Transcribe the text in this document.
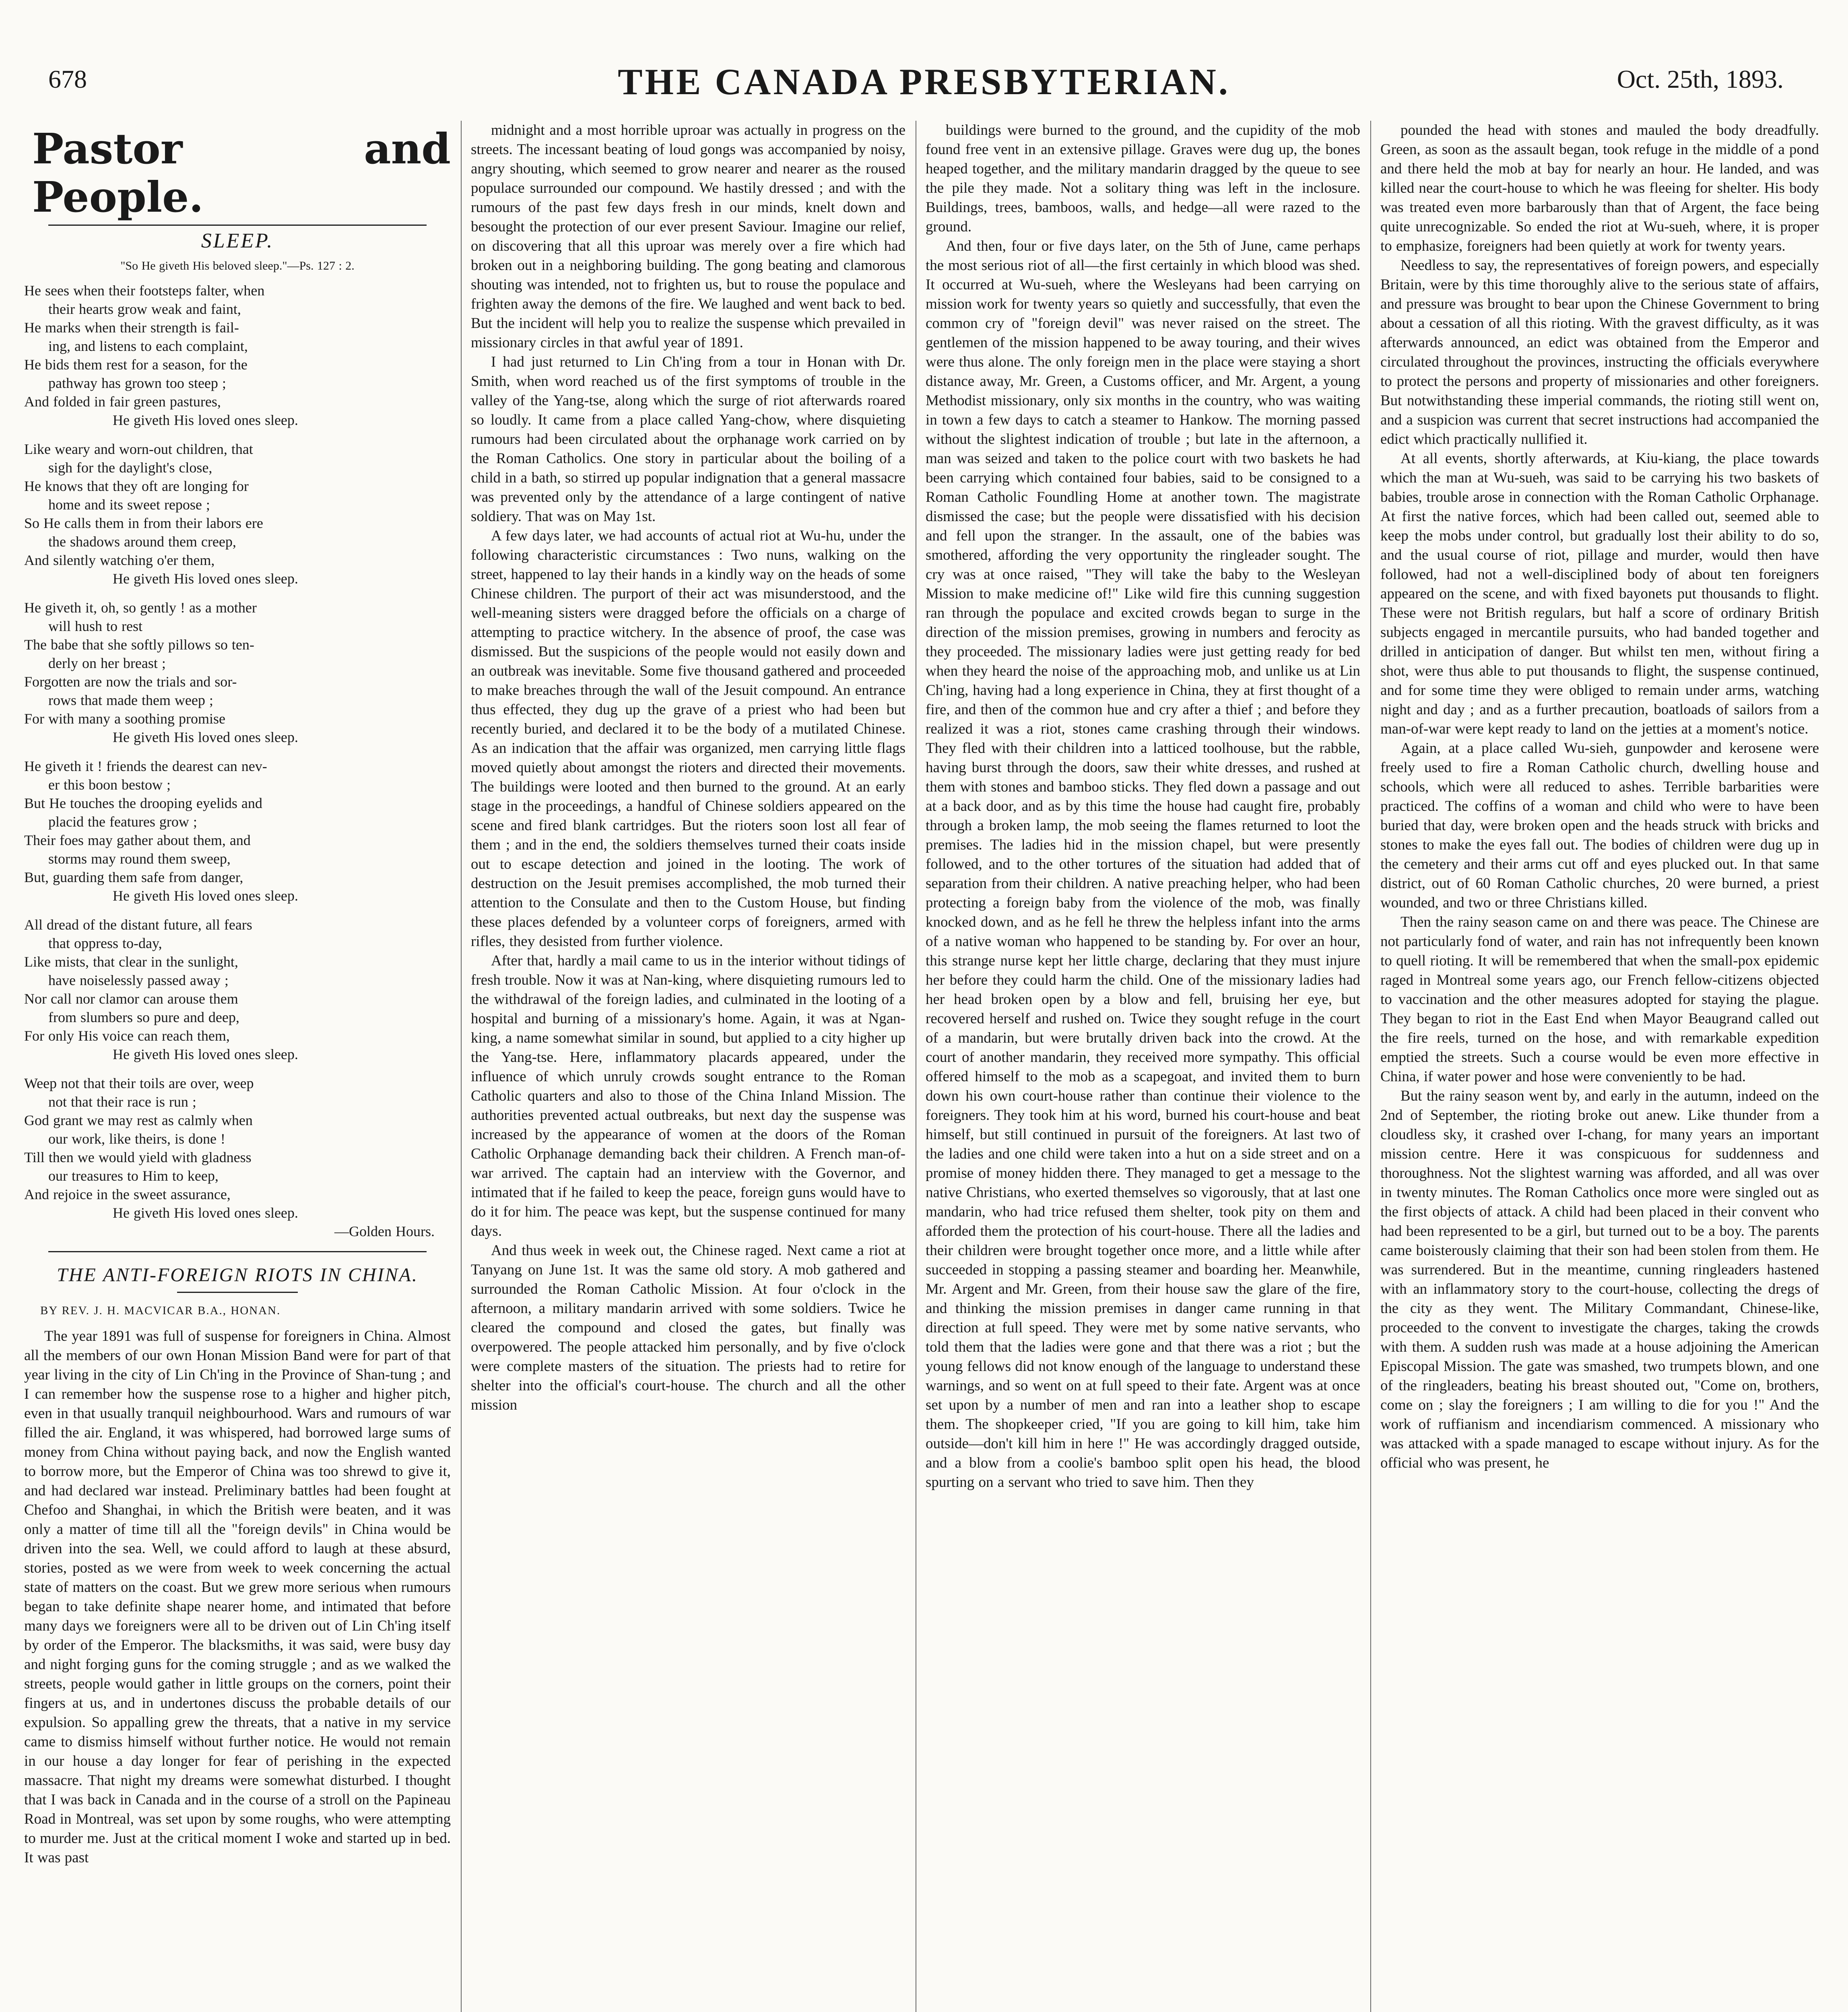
678	THE CANADA PRESBYTERIAN.	Oct. 25th, 1893.
Pastor and People.
SLEEP.
"So He giveth His beloved sleep."—Ps. 127 : 2.
He sees when their footsteps falter, when
their hearts grow weak and faint,
He marks when their strength is fail-
ing, and listens to each complaint,
He bids them rest for a season, for the
pathway has grown too steep ;
And folded in fair green pastures,
He giveth His loved ones sleep.
Like weary and worn-out children, that
sigh for the daylight's close,
He knows that they oft are longing for
home and its sweet repose ;
So He calls them in from their labors ere
the shadows around them creep,
And silently watching o'er them,
He giveth His loved ones sleep.
He giveth it, oh, so gently ! as a mother
will hush to rest
The babe that she softly pillows so ten-
derly on her breast ;
Forgotten are now the trials and sor-
rows that made them weep ;
For with many a soothing promise
He giveth His loved ones sleep.
He giveth it ! friends the dearest can nev-
er this boon bestow ;
But He touches the drooping eyelids and
placid the features grow ;
Their foes may gather about them, and
storms may round them sweep,
But, guarding them safe from danger,
He giveth His loved ones sleep.
All dread of the distant future, all fears
that oppress to-day,
Like mists, that clear in the sunlight,
have noiselessly passed away ;
Nor call nor clamor can arouse them
from slumbers so pure and deep,
For only His voice can reach them,
He giveth His loved ones sleep.
Weep not that their toils are over, weep
not that their race is run ;
God grant we may rest as calmly when
our work, like theirs, is done !
Till then we would yield with gladness
our treasures to Him to keep,
And rejoice in the sweet assurance,
He giveth His loved ones sleep.
—Golden Hours.
THE ANTI-FOREIGN RIOTS IN CHINA.
BY REV. J. H. MACVICAR B.A., HONAN.

The year 1891 was full of suspense for foreigners in China. Almost all the members of our own Honan Mission Band were for part of that year living in the city of Lin Ch'ing in the Province of Shan-tung ; and I can remember how the suspense rose to a higher and higher pitch, even in that usually tranquil neighbourhood. Wars and rumours of war filled the air. England, it was whispered, had borrowed large sums of money from China without paying back, and now the English wanted to borrow more, but the Emperor of China was too shrewd to give it, and had declared war instead. Preliminary battles had been fought at Chefoo and Shanghai, in which the British were beaten, and it was only a matter of time till all the "foreign devils" in China would be driven into the sea. Well, we could afford to laugh at these absurd, stories, posted as we were from week to week concerning the actual state of matters on the coast. But we grew more serious when rumours began to take definite shape nearer home, and intimated that before many days we foreigners were all to be driven out of Lin Ch'ing itself by order of the Emperor. The blacksmiths, it was said, were busy day and night forging guns for the coming struggle ; and as we walked the streets, people would gather in little groups on the corners, point their fingers at us, and in undertones discuss the probable details of our expulsion. So appalling grew the threats, that a native in my service came to dismiss himself without further notice. He would not remain in our house a day longer for fear of perishing in the expected massacre. That night my dreams were somewhat disturbed. I thought that I was back in Canada and in the course of a stroll on the Papineau Road in Montreal, was set upon by some roughs, who were attempting to murder me. Just at the critical moment I woke and started up in bed. It was past

midnight and a most horrible uproar was actually in progress on the streets. The incessant beating of loud gongs was accompanied by noisy, angry shouting, which seemed to grow nearer and nearer as the roused populace surrounded our compound. We hastily dressed ; and with the rumours of the past few days fresh in our minds, knelt down and besought the protection of our ever present Saviour. Imagine our relief, on discovering that all this uproar was merely over a fire which had broken out in a neighboring building. The gong beating and clamorous shouting was intended, not to frighten us, but to rouse the populace and frighten away the demons of the fire. We laughed and went back to bed. But the incident will help you to realize the suspense which prevailed in missionary circles in that awful year of 1891.

I had just returned to Lin Ch'ing from a tour in Honan with Dr. Smith, when word reached us of the first symptoms of trouble in the valley of the Yang-tse, along which the surge of riot afterwards roared so loudly. It came from a place called Yang-chow, where disquieting rumours had been circulated about the orphanage work carried on by the Roman Catholics. One story in particular about the boiling of a child in a bath, so stirred up popular indignation that a general massacre was prevented only by the attendance of a large contingent of native soldiery. That was on May 1st.

A few days later, we had accounts of actual riot at Wu-hu, under the following characteristic circumstances : Two nuns, walking on the street, happened to lay their hands in a kindly way on the heads of some Chinese children. The purport of their act was misunderstood, and the well-meaning sisters were dragged before the officials on a charge of attempting to practice witchery. In the absence of proof, the case was dismissed. But the suspicions of the people would not easily down and an outbreak was inevitable. Some five thousand gathered and proceeded to make breaches through the wall of the Jesuit compound. An entrance thus effected, they dug up the grave of a priest who had been but recently buried, and declared it to be the body of a mutilated Chinese. As an indication that the affair was organized, men carrying little flags moved quietly about amongst the rioters and directed their movements. The buildings were looted and then burned to the ground. At an early stage in the proceedings, a handful of Chinese soldiers appeared on the scene and fired blank cartridges. But the rioters soon lost all fear of them ; and in the end, the soldiers themselves turned their coats inside out to escape detection and joined in the looting. The work of destruction on the Jesuit premises accomplished, the mob turned their attention to the Consulate and then to the Custom House, but finding these places defended by a volunteer corps of foreigners, armed with rifles, they desisted from further violence.

After that, hardly a mail came to us in the interior without tidings of fresh trouble. Now it was at Nan-king, where disquieting rumours led to the withdrawal of the foreign ladies, and culminated in the looting of a hospital and burning of a missionary's home. Again, it was at Ngan-king, a name somewhat similar in sound, but applied to a city higher up the Yang-tse. Here, inflammatory placards appeared, under the influence of which unruly crowds sought entrance to the Roman Catholic quarters and also to those of the China Inland Mission. The authorities prevented actual outbreaks, but next day the suspense was increased by the appearance of women at the doors of the Roman Catholic Orphanage demanding back their children. A French man-of-war arrived. The captain had an interview with the Governor, and intimated that if he failed to keep the peace, foreign guns would have to do it for him. The peace was kept, but the suspense continued for many days.

And thus week in week out, the Chinese raged. Next came a riot at Tanyang on June 1st. It was the same old story. A mob gathered and surrounded the Roman Catholic Mission. At four o'clock in the afternoon, a military mandarin arrived with some soldiers. Twice he cleared the compound and closed the gates, but finally was overpowered. The people attacked him personally, and by five o'clock were complete masters of the situation. The priests had to retire for shelter into the official's court-house. The church and all the other mission

buildings were burned to the ground, and the cupidity of the mob found free vent in an extensive pillage. Graves were dug up, the bones heaped together, and the military mandarin dragged by the queue to see the pile they made. Not a solitary thing was left in the inclosure. Buildings, trees, bamboos, walls, and hedge—all were razed to the ground.

And then, four or five days later, on the 5th of June, came perhaps the most serious riot of all—the first certainly in which blood was shed. It occurred at Wu-sueh, where the Wesleyans had been carrying on mission work for twenty years so quietly and successfully, that even the common cry of "foreign devil" was never raised on the street. The gentlemen of the mission happened to be away touring, and their wives were thus alone. The only foreign men in the place were staying a short distance away, Mr. Green, a Customs officer, and Mr. Argent, a young Methodist missionary, only six months in the country, who was waiting in town a few days to catch a steamer to Hankow. The morning passed without the slightest indication of trouble ; but late in the afternoon, a man was seized and taken to the police court with two baskets he had been carrying which contained four babies, said to be consigned to a Roman Catholic Foundling Home at another town. The magistrate dismissed the case; but the people were dissatisfied with his decision and fell upon the stranger. In the assault, one of the babies was smothered, affording the very opportunity the ringleader sought. The cry was at once raised, "They will take the baby to the Wesleyan Mission to make medicine of!" Like wild fire this cunning suggestion ran through the populace and excited crowds began to surge in the direction of the mission premises, growing in numbers and ferocity as they proceeded. The missionary ladies were just getting ready for bed when they heard the noise of the approaching mob, and unlike us at Lin Ch'ing, having had a long experience in China, they at first thought of a fire, and then of the common hue and cry after a thief ; and before they realized it was a riot, stones came crashing through their windows. They fled with their children into a latticed toolhouse, but the rabble, having burst through the doors, saw their white dresses, and rushed at them with stones and bamboo sticks. They fled down a passage and out at a back door, and as by this time the house had caught fire, probably through a broken lamp, the mob seeing the flames returned to loot the premises. The ladies hid in the mission chapel, but were presently followed, and to the other tortures of the situation had added that of separation from their children. A native preaching helper, who had been protecting a foreign baby from the violence of the mob, was finally knocked down, and as he fell he threw the helpless infant into the arms of a native woman who happened to be standing by. For over an hour, this strange nurse kept her little charge, declaring that they must injure her before they could harm the child. One of the missionary ladies had her head broken open by a blow and fell, bruising her eye, but recovered herself and rushed on. Twice they sought refuge in the court of a mandarin, but were brutally driven back into the crowd. At the court of another mandarin, they received more sympathy. This official offered himself to the mob as a scapegoat, and invited them to burn down his own court-house rather than continue their violence to the foreigners. They took him at his word, burned his court-house and beat himself, but still continued in pursuit of the foreigners. At last two of the ladies and one child were taken into a hut on a side street and on a promise of money hidden there. They managed to get a message to the native Christians, who exerted themselves so vigorously, that at last one mandarin, who had trice refused them shelter, took pity on them and afforded them the protection of his court-house. There all the ladies and their children were brought together once more, and a little while after succeeded in stopping a passing steamer and boarding her. Meanwhile, Mr. Argent and Mr. Green, from their house saw the glare of the fire, and thinking the mission premises in danger came running in that direction at full speed. They were met by some native servants, who told them that the ladies were gone and that there was a riot ; but the young fellows did not know enough of the language to understand these warnings, and so went on at full speed to their fate. Argent was at once set upon by a number of men and ran into a leather shop to escape them. The shopkeeper cried, "If you are going to kill him, take him outside—don't kill him in here !" He was accordingly dragged outside, and a blow from a coolie's bamboo split open his head, the blood spurting on a servant who tried to save him. Then they

pounded the head with stones and mauled the body dreadfully. Green, as soon as the assault began, took refuge in the middle of a pond and there held the mob at bay for nearly an hour. He landed, and was killed near the court-house to which he was fleeing for shelter. His body was treated even more barbarously than that of Argent, the face being quite unrecognizable. So ended the riot at Wu-sueh, where, it is proper to emphasize, foreigners had been quietly at work for twenty years.

Needless to say, the representatives of foreign powers, and especially Britain, were by this time thoroughly alive to the serious state of affairs, and pressure was brought to bear upon the Chinese Government to bring about a cessation of all this rioting. With the gravest difficulty, as it was afterwards announced, an edict was obtained from the Emperor and circulated throughout the provinces, instructing the officials everywhere to protect the persons and property of missionaries and other foreigners. But notwithstanding these imperial commands, the rioting still went on, and a suspicion was current that secret instructions had accompanied the edict which practically nullified it.

At all events, shortly afterwards, at Kiu-kiang, the place towards which the man at Wu-sueh, was said to be carrying his two baskets of babies, trouble arose in connection with the Roman Catholic Orphanage. At first the native forces, which had been called out, seemed able to keep the mobs under control, but gradually lost their ability to do so, and the usual course of riot, pillage and murder, would then have followed, had not a well-disciplined body of about ten foreigners appeared on the scene, and with fixed bayonets put thousands to flight. These were not British regulars, but half a score of ordinary British subjects engaged in mercantile pursuits, who had banded together and drilled in anticipation of danger. But whilst ten men, without firing a shot, were thus able to put thousands to flight, the suspense continued, and for some time they were obliged to remain under arms, watching night and day ; and as a further precaution, boatloads of sailors from a man-of-war were kept ready to land on the jetties at a moment's notice.

Again, at a place called Wu-sieh, gunpowder and kerosene were freely used to fire a Roman Catholic church, dwelling house and schools, which were all reduced to ashes. Terrible barbarities were practiced. The coffins of a woman and child who were to have been buried that day, were broken open and the heads struck with bricks and stones to make the eyes fall out. The bodies of children were dug up in the cemetery and their arms cut off and eyes plucked out. In that same district, out of 60 Roman Catholic churches, 20 were burned, a priest wounded, and two or three Christians killed.

Then the rainy season came on and there was peace. The Chinese are not particularly fond of water, and rain has not infrequently been known to quell rioting. It will be remembered that when the small-pox epidemic raged in Montreal some years ago, our French fellow-citizens objected to vaccination and the other measures adopted for staying the plague. They began to riot in the East End when Mayor Beaugrand called out the fire reels, turned on the hose, and with remarkable expedition emptied the streets. Such a course would be even more effective in China, if water power and hose were conveniently to be had.

But the rainy season went by, and early in the autumn, indeed on the 2nd of September, the rioting broke out anew. Like thunder from a cloudless sky, it crashed over I-chang, for many years an important mission centre. Here it was conspicuous for suddenness and thoroughness. Not the slightest warning was afforded, and all was over in twenty minutes. The Roman Catholics once more were singled out as the first objects of attack. A child had been placed in their convent who had been represented to be a girl, but turned out to be a boy. The parents came boisterously claiming that their son had been stolen from them. He was surrendered. But in the meantime, cunning ringleaders hastened with an inflammatory story to the court-house, collecting the dregs of the city as they went. The Military Commandant, Chinese-like, proceeded to the convent to investigate the charges, taking the crowds with them. A sudden rush was made at a house adjoining the American Episcopal Mission. The gate was smashed, two trumpets blown, and one of the ringleaders, beating his breast shouted out, "Come on, brothers, come on ; slay the foreigners ; I am willing to die for you !" And the work of ruffianism and incendiarism commenced. A missionary who was attacked with a spade managed to escape without injury. As for the official who was present, he
